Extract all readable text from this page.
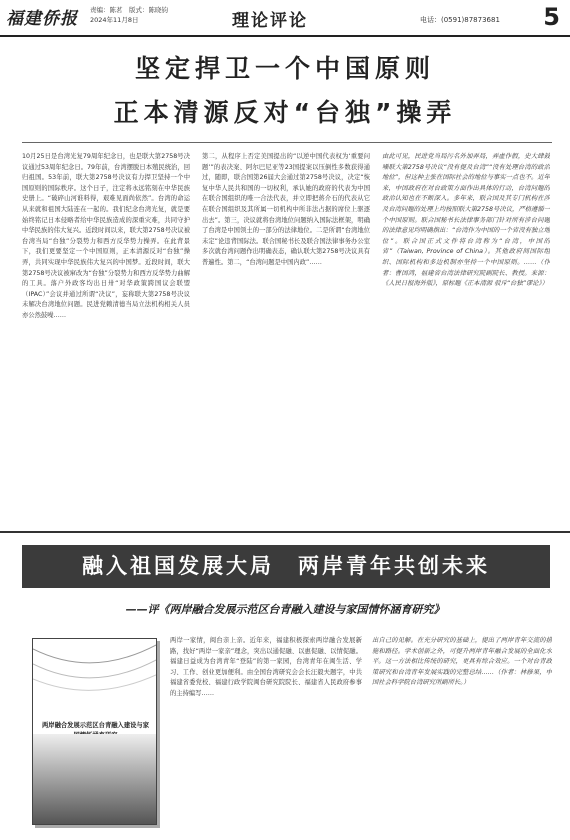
福建侨报 责编：陈茗　版式：陈晓钧
2024年11月8日	理论评论	电话：(0591)87873681 5
坚定捍卫一个中国原则
正本清源反对“台独”操弄
10月25日是台湾光复79周年纪念日，也是联大第2758号决议通过53周年纪念日。79年前，台湾摆脱日本殖民统治，回归祖国。53年前，联大第2758号决议有力捍卫坚持一个中国原则的国际秩序。这个日子，注定将永远铭刻在中华民族史册上。“破碎山河谁料得，艰难见面尚依然”。台湾的命运从来就和祖国大陆连在一起的。我们纪念台湾光复，就是要始终铭记日本侵略者给中华民族造成的深重灾难，共同守护中华民族的伟大复兴。近段时间以来，联大第2758号决议被台湾当局“台独”分裂势力和西方反华势力操弄。在此背景下，我们更要坚定一个中国原则，正本清源反对“台独”操弄，共同实现中华民族伟大复兴的中国梦。近段时间，联大第2758号决议被窜改为“台独”分裂势力和西方反华势力曲解的工具。落户外政客均出日卅“对华政策跨国议会联盟（IPAC）”会议并通过所谓“决议”，妄称联大第2758号决议未解决台湾地位问题。民进党赖清德当局立法机构相关人员亦公然鼓噪……
第二，从程序上否定美国提出的“以逆中国代表权为‘重要问题’”的表决案、阿尔巴尼亚等23国提案以压倒性多数获得通过，随即，联合国第26届大会通过第2758号决议，决定“恢复中华人民共和国的一切权利，承认她的政府的代表为中国在联合国组织的唯一合法代表，并立即把蒋介石的代表从它在联合国组织及其所属一切机构中所非法占据的席位上驱逐出去”。第三，决议就将台湾地位问题纳入国际法框架，明确了台湾是中国领土的一部分的法律地位。二是所谓“台湾地位未定”论违背国际法。联合国秘书长及联合国法律事务办公室多次就台湾问题作出明确表态，确认联大第2758号决议具有普遍性。第二，“台湾问题是中国内政”……
由此可见，民进党当局污名外加弄局，弄虚作假，史大肆鼓噪联大第2758号决议“没有提及台湾”“没有处理台湾的政治地位”，但这种主张在国际社会的地位与事实一点也不。近年来，中国政府在对台政策方面作出具体的行动，台湾问题的政治认知也在不断深入。多年来，联合国及其专门机构在涉及台湾问题的处理上均按照联大第2758号决议，严格遵循一个中国原则。联合国秘书长法律事务部门针对所有涉台问题的法律意见均明确指出：“台湾作为中国的一个省没有独立地位”。联合国正式文件将台湾称为“台湾，中国的省”（Taiwan, Province of China）。其他政府间国际组织、国际机构和多边机制亦坚持一个中国原则。……（作者：曹国鸿，福建省台湾法律研究院副院长、教授。来源：《人民日报海外版》，原标题《正本清源 驳斥“台独”谬论》）
融入祖国发展大局　两岸青年共创未来
——评《两岸融合发展示范区台青融入建设与家国情怀涵育研究》
两岸融合发展示范区台青融入建设与家
两岸一家情，闽台亲上亲。近年来，福建积极探索两岸融合发展新路，找好“两岸一家亲”理念，突出以通促融、以惠促融、以情促融。福建日益成为台湾青年“登陆”的第一家园，台湾青年在闽生活、学习、工作、创业更加便利。由全国台湾研究会会长汪毅夫题字，中共福建省委党校、福建行政学院闽台研究院院长、福建省人民政府参事的主持编写……
出自己的见解。在充分研究的基础上，提出了两岸青年交流的措施和路径。学术创新之外，可提升两岸青年融合发展的全面化水平。这一方法相比传统的研究，更具有综合效应。一个对台青政策研究和台湾青年发展实践的完整总结……（作者：林修果，中国社会科学院台湾研究所副所长。）
